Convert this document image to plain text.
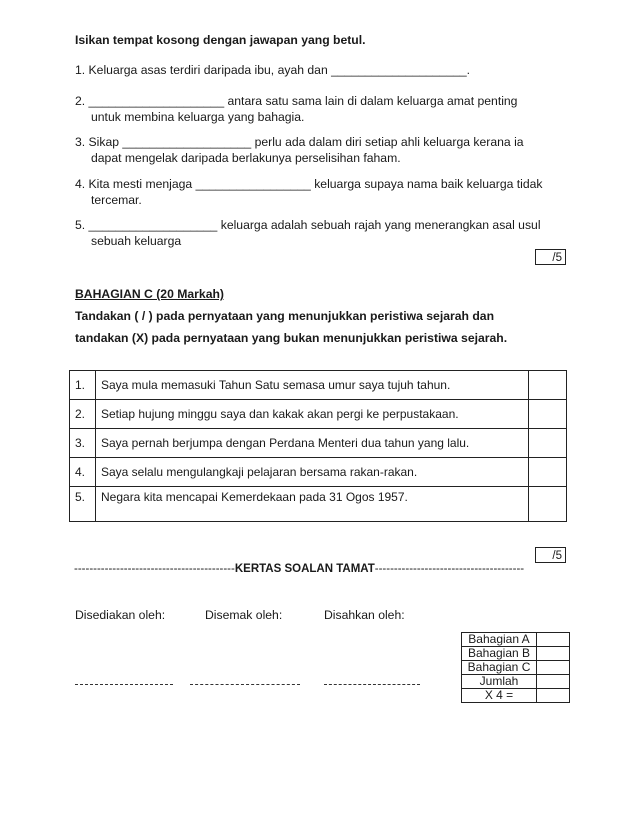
Isikan tempat kosong dengan jawapan yang betul.
1. Keluarga asas terdiri daripada ibu, ayah dan ____________________.
2. ____________________ antara satu sama lain di dalam keluarga amat penting
untuk membina keluarga yang bahagia.
3. Sikap ___________________ perlu ada dalam diri setiap ahli keluarga kerana ia
dapat mengelak daripada berlakunya perselisihan faham.
4. Kita mesti menjaga _________________ keluarga supaya nama baik keluarga tidak
tercemar.
5. ___________________ keluarga adalah sebuah rajah yang menerangkan asal usul
sebuah keluarga
/5
BAHAGIAN C (20 Markah)
Tandakan ( / ) pada pernyataan yang menunjukkan peristiwa sejarah dan
tandakan (X) pada pernyataan yang bukan menunjukkan peristiwa sejarah.
1.	Saya mula memasuki Tahun Satu semasa umur saya tujuh tahun.	
2.	Setiap hujung minggu saya dan kakak akan pergi ke perpustakaan.	
3.	Saya pernah berjumpa dengan Perdana Menteri dua tahun yang lalu.	
4.	Saya selalu mengulangkaji pelajaran bersama rakan-rakan.	
5.	Negara kita mencapai Kemerdekaan pada 31 Ogos 1957.	
/5
------------------------------------------KERTAS SOALAN TAMAT---------------------------------------
Disediakan oleh:	Disemak oleh:	Disahkan oleh:
Bahagian A	
Bahagian B	
Bahagian C	
Jumlah	
X 4 =	
